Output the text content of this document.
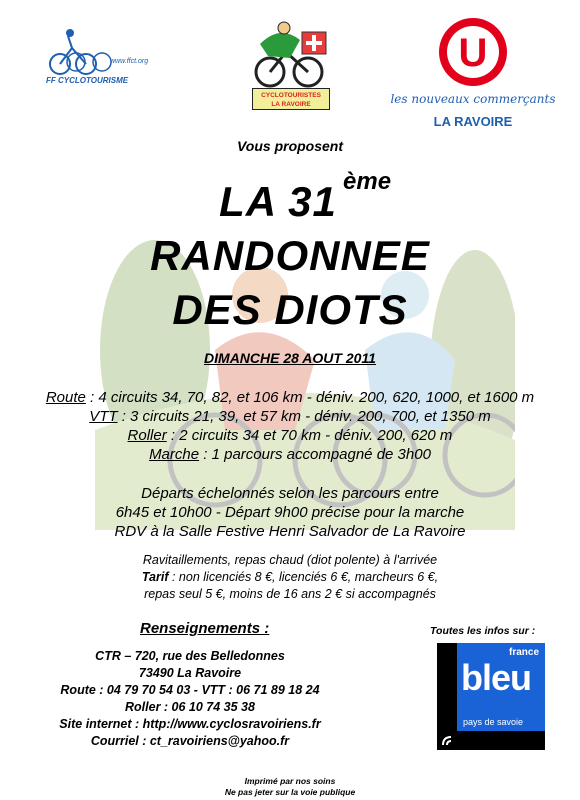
www.ffct.org
FF CYCLOTOURISME
CYCLOTOURISTES
LA RAVOIRE
U
les nouveaux commerçants
LA RAVOIRE
Vous proposent
LA 31 ème
RANDONNEE
DES DIOTS
DIMANCHE 28 AOUT 2011
Route : 4 circuits 34, 70, 82, et 106 km - déniv. 200, 620, 1000, et 1600 m
VTT : 3 circuits 21, 39, et 57 km - déniv. 200, 700, et 1350 m
Roller : 2 circuits 34 et 70 km - déniv. 200, 620 m
Marche : 1 parcours accompagné de 3h00
Départs échelonnés selon les parcours entre
6h45 et 10h00 - Départ 9h00 précise pour la marche
RDV à la Salle Festive Henri Salvador de La Ravoire
Ravitaillements, repas chaud (diot polente) à l'arrivée
Tarif : non licenciés 8 €, licenciés 6 €, marcheurs 6 €,
repas seul 5 €, moins de 16 ans 2 € si accompagnés
Renseignements :
CTR – 720, rue des Belledonnes
73490 La Ravoire
Route : 04 79 70 54 03 - VTT : 06 71 89 18 24
Roller : 06 10 74 35 38
Site internet : http://www.cyclosravoiriens.fr
Courriel : ct_ravoiriens@yahoo.fr
Toutes les infos sur :
france
bleu
pays de savoie
Imprimé par nos soins
Ne pas jeter sur la voie publique
